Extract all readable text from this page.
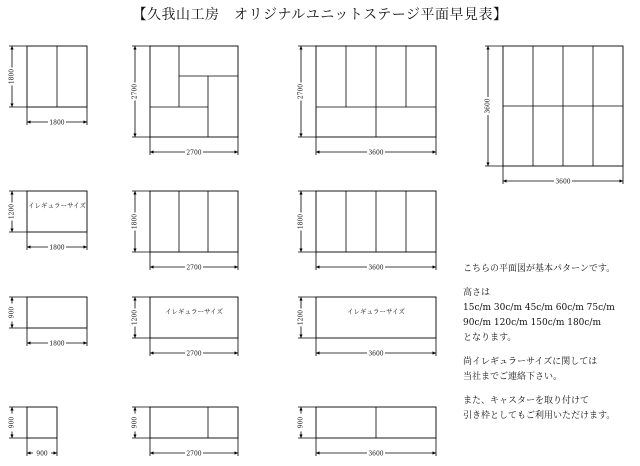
【久我山工房　オリジナルユニットステージ平面早見表】
1800
1800
2700
2700
3600
2700
3600
3600
1800
1200 イレギュラーサイズ
2700
1800
3600
1800
1800
900
2700
1200	イレギュラーサイズ
3600
1200	イレギュラーサイズ
900
900
2700
900
3600
900
こちらの平面図が基本パターンです。
高さは
15c/m 30c/m 45c/m 60c/m 75c/m
90c/m 120c/m 150c/m 180c/m
となります。
尚イレギュラーサイズに関しては
当社までご連絡下さい。
また、キャスターを取り付けて
引き枠としてもご利用いただけます。
